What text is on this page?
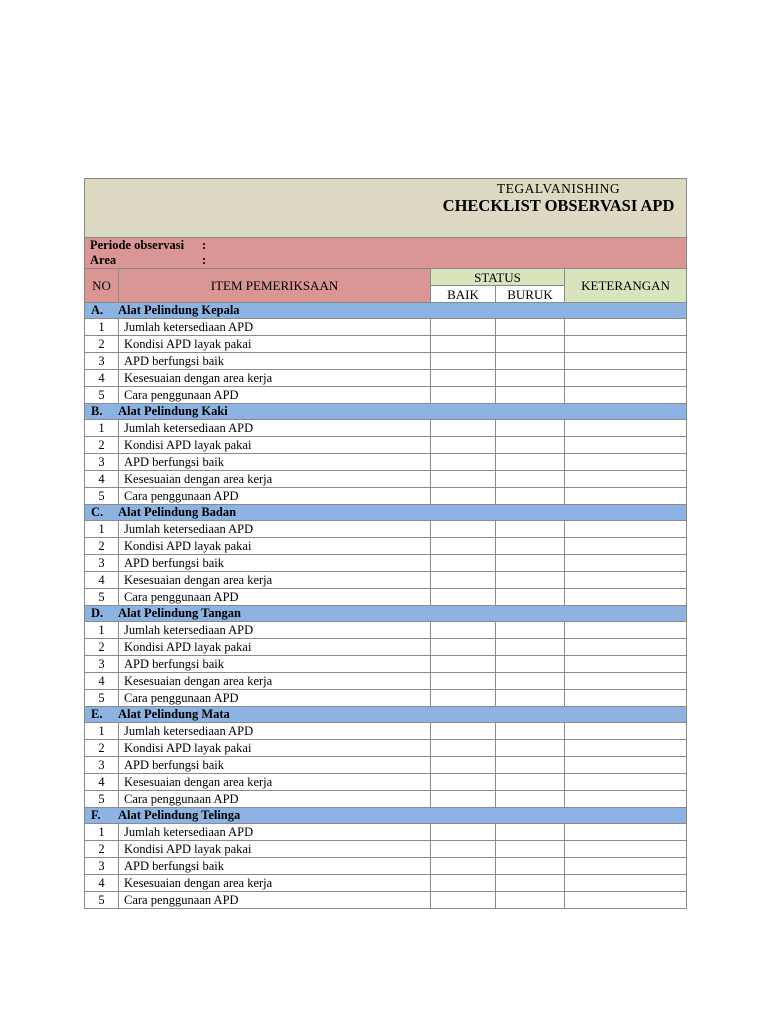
TEGALVANISHING
CHECKLIST OBSERVASI APD				

Periode observasi :
Area :				

NO	ITEM PEMERIKSAAN	STATUS		KETERANGAN
		BAIK	BURUK	
A. Alat Pelindung Kepala				
1	Jumlah ketersediaan APD			
2	Kondisi APD layak pakai			
3	APD berfungsi baik			
4	Kesesuaian dengan area kerja			
5	Cara penggunaan APD			
B. Alat Pelindung Kaki				
1	Jumlah ketersediaan APD			
2	Kondisi APD layak pakai			
3	APD berfungsi baik			
4	Kesesuaian dengan area kerja			
5	Cara penggunaan APD			
C. Alat Pelindung Badan				
1	Jumlah ketersediaan APD			
2	Kondisi APD layak pakai			
3	APD berfungsi baik			
4	Kesesuaian dengan area kerja			
5	Cara penggunaan APD			
D. Alat Pelindung Tangan				
1	Jumlah ketersediaan APD			
2	Kondisi APD layak pakai			
3	APD berfungsi baik			
4	Kesesuaian dengan area kerja			
5	Cara penggunaan APD			
E. Alat Pelindung Mata				
1	Jumlah ketersediaan APD			
2	Kondisi APD layak pakai			
3	APD berfungsi baik			
4	Kesesuaian dengan area kerja			
5	Cara penggunaan APD			
F. Alat Pelindung Telinga				
1	Jumlah ketersediaan APD			
2	Kondisi APD layak pakai			
3	APD berfungsi baik			
4	Kesesuaian dengan area kerja			
5	Cara penggunaan APD			
